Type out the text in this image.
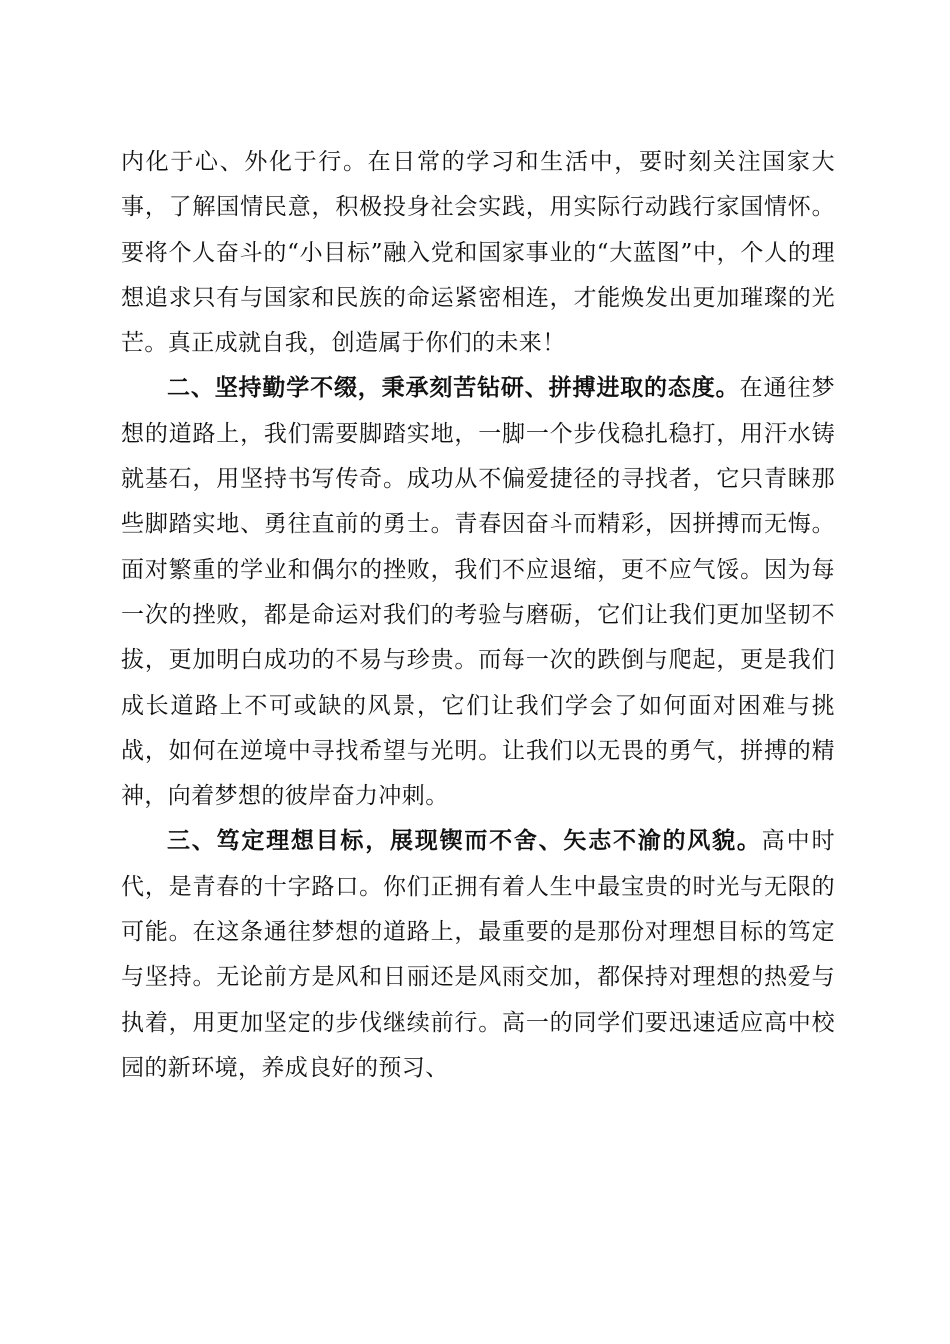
内化于心、外化于行。在日常的学习和生活中，要时刻关注国家大事，了解国情民意，积极投身社会实践，用实际行动践行家国情怀。要将个人奋斗的“小目标”融入党和国家事业的“大蓝图”中，个人的理想追求只有与国家和民族的命运紧密相连，才能焕发出更加璀璨的光芒。真正成就自我，创造属于你们的未来！

二、坚持勤学不缀，秉承刻苦钻研、拼搏进取的态度。在通往梦想的道路上，我们需要脚踏实地，一脚一个步伐稳扎稳打，用汗水铸就基石，用坚持书写传奇。成功从不偏爱捷径的寻找者，它只青睐那些脚踏实地、勇往直前的勇士。青春因奋斗而精彩，因拼搏而无悔。面对繁重的学业和偶尔的挫败，我们不应退缩，更不应气馁。因为每一次的挫败，都是命运对我们的考验与磨砺，它们让我们更加坚韧不拔，更加明白成功的不易与珍贵。而每一次的跌倒与爬起，更是我们成长道路上不可或缺的风景，它们让我们学会了如何面对困难与挑战，如何在逆境中寻找希望与光明。让我们以无畏的勇气，拼搏的精神，向着梦想的彼岸奋力冲刺。

三、笃定理想目标，展现锲而不舍、矢志不渝的风貌。高中时代，是青春的十字路口。你们正拥有着人生中最宝贵的时光与无限的可能。在这条通往梦想的道路上，最重要的是那份对理想目标的笃定与坚持。无论前方是风和日丽还是风雨交加，都保持对理想的热爱与执着，用更加坚定的步伐继续前行。高一的同学们要迅速适应高中校园的新环境，养成良好的预习、
